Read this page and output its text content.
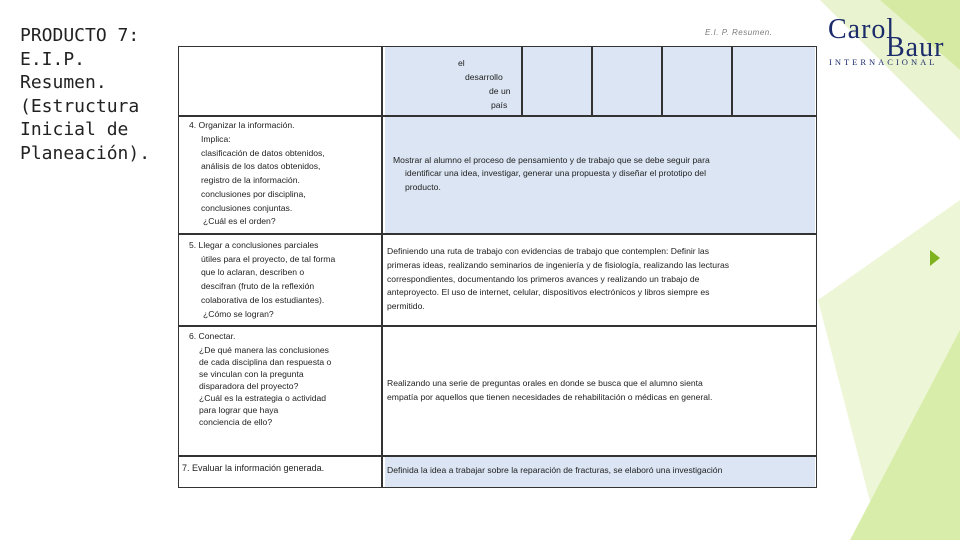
PRODUCTO 7:
E.I.P.
Resumen.
(Estructura
Inicial de
Planeación).
E.I. P. Resumen.	Carol
Baur
INTERNACIONAL
el
desarrollo
de un
país
4. Organizar la información.
Implica:
clasificación de datos obtenidos,
análisis de los datos obtenidos,
registro de la información.
conclusiones por disciplina,
conclusiones conjuntas.
¿Cuál es el orden?
Mostrar al alumno el proceso de pensamiento y de trabajo que se debe seguir para
identificar una idea, investigar, generar una propuesta y diseñar el prototipo del
producto.
5. Llegar a conclusiones parciales
útiles para el proyecto, de tal forma
que lo aclaran, describen o
descifran (fruto de la reflexión
colaborativa de los estudiantes).
¿Cómo se logran?
Definiendo una ruta de trabajo con evidencias de trabajo que contemplen: Definir las
primeras ideas, realizando seminarios de ingeniería y de fisiología, realizando las lecturas
correspondientes, documentando los primeros avances y realizando un trabajo de
anteproyecto. El uso de internet, celular, dispositivos electrónicos y libros siempre es
permitido.
6. Conectar.
¿De qué manera las conclusiones
de cada disciplina dan respuesta o
se vinculan con la pregunta
disparadora del proyecto?
¿Cuál es la estrategia o actividad
para lograr que haya
conciencia de ello?
Realizando una serie de preguntas orales en donde se busca que el alumno sienta
empatía por aquellos que tienen necesidades de rehabilitación o médicas en general.
7. Evaluar la información generada.	Definida la idea a trabajar sobre la reparación de fracturas, se elaboró una investigación
